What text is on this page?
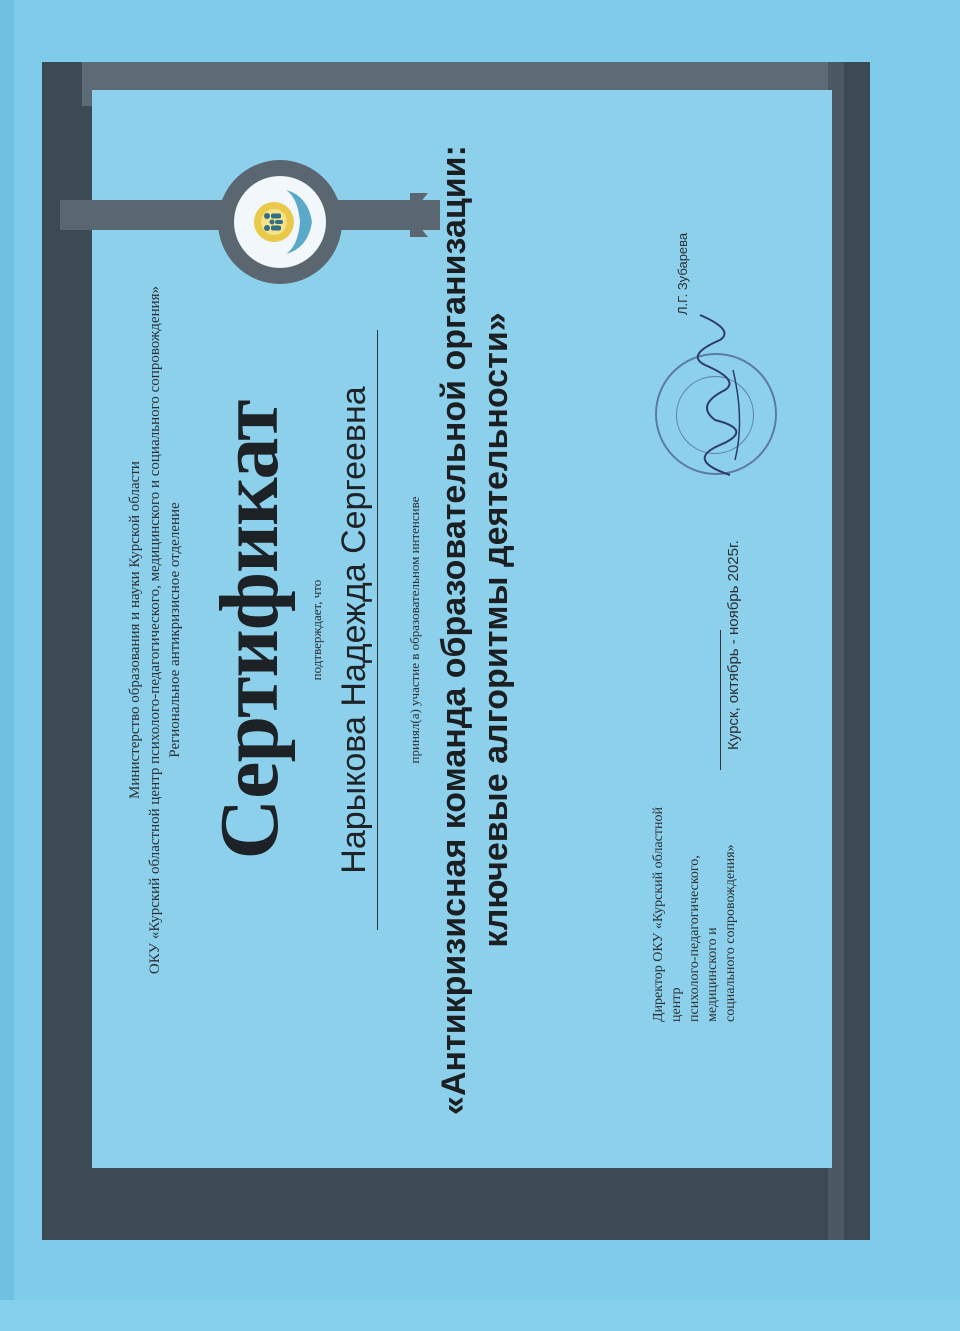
Министерство образования и науки Курской области ОКУ «Курский областной центр психолого-педагогического, медицинского и социального сопровождения» Региональное антикризисное отделение Сертификат подтверждает, что Нарыкова Надежда Сергеевна	принял(а) участие в образовательном интенсиве «Антикризисная команда образовательной организации: ключевые алгоритмы деятельности»	Директор ОКУ «Курский областной центр психолого-педагогического, медицинского и социального сопровождения»
Курск, октябрь - ноябрь 2025г.
Л.Г. Зубарева
